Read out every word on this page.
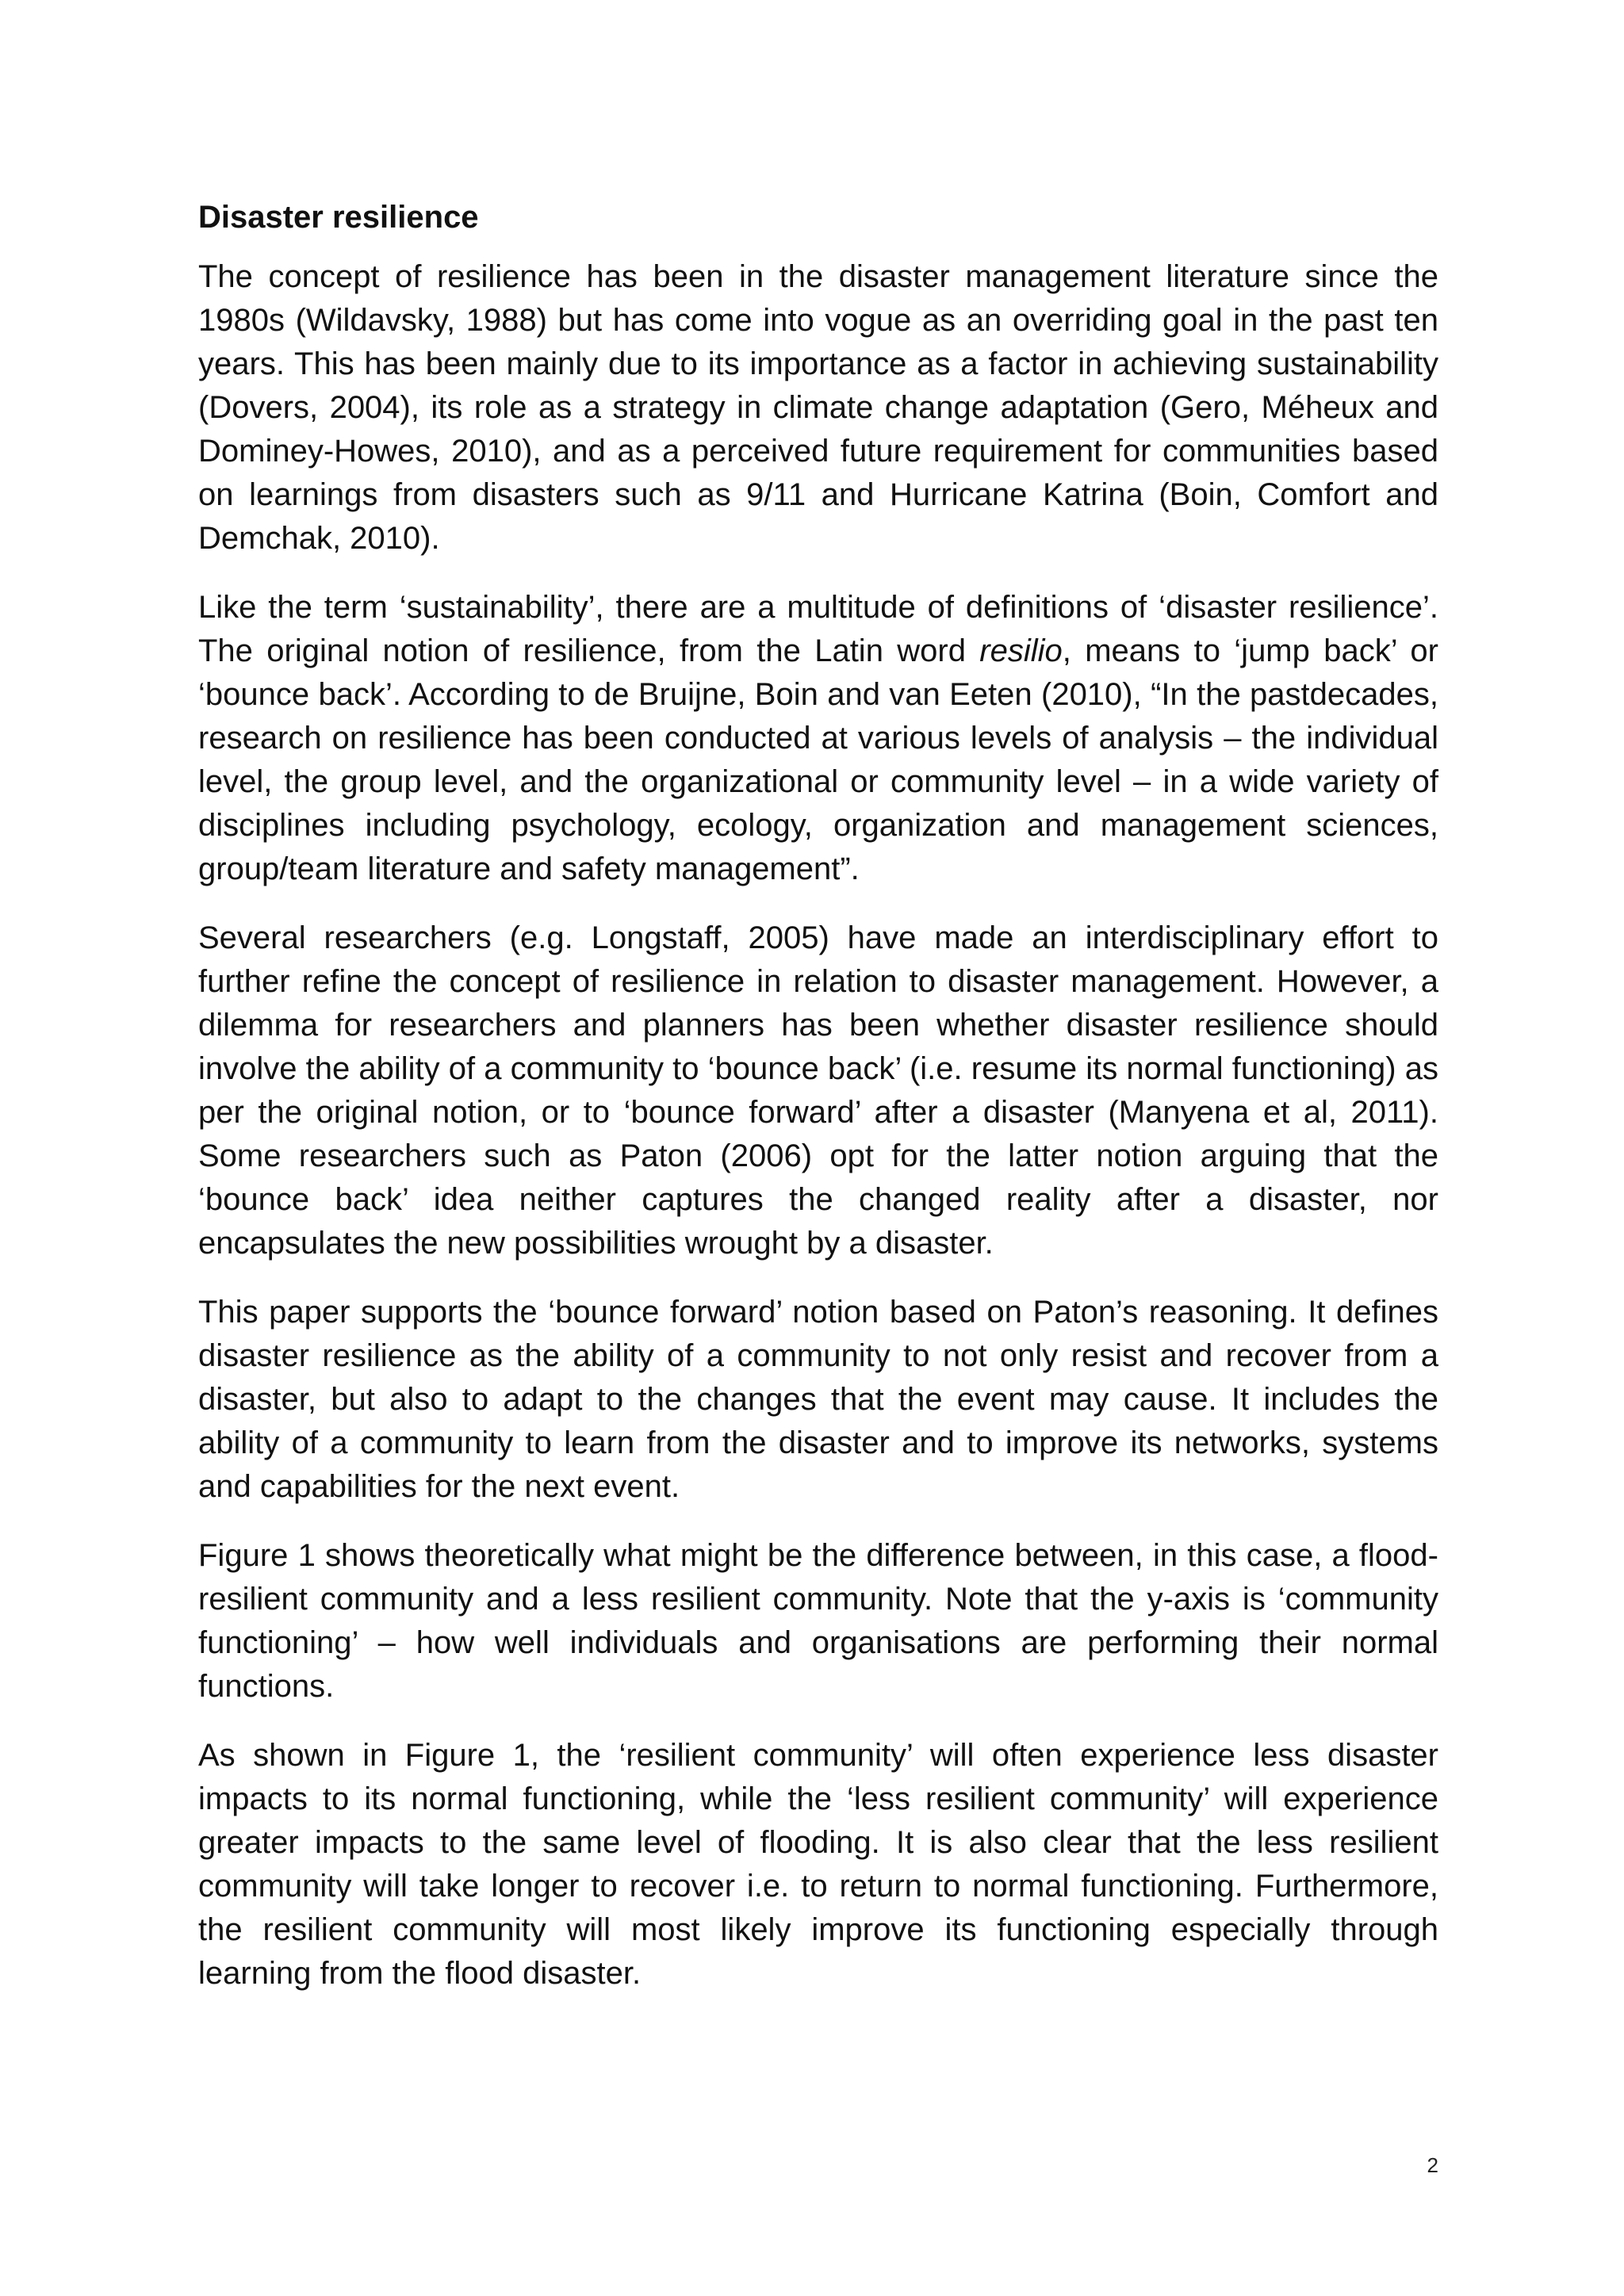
Disaster resilience

The concept of resilience has been in the disaster management literature since the 1980s (Wildavsky, 1988) but has come into vogue as an overriding goal in the past ten years. This has been mainly due to its importance as a factor in achieving sustainability (Dovers, 2004), its role as a strategy in climate change adaptation (Gero, Méheux and Dominey-Howes, 2010), and as a perceived future requirement for communities based on learnings from disasters such as 9/11 and Hurricane Katrina (Boin, Comfort and Demchak, 2010).

Like the term ‘sustainability’, there are a multitude of definitions of ‘disaster resilience’. The original notion of resilience, from the Latin word resilio, means to ‘jump back’ or ‘bounce back’. According to de Bruijne, Boin and van Eeten (2010), “In the pastdecades, research on resilience has been conducted at various levels of analysis – the individual level, the group level, and the organizational or community level – in a wide variety of disciplines including psychology, ecology, organization and management sciences, group/team literature and safety management”.

Several researchers (e.g. Longstaff, 2005) have made an interdisciplinary effort to further refine the concept of resilience in relation to disaster management. However, a dilemma for researchers and planners has been whether disaster resilience should involve the ability of a community to ‘bounce back’ (i.e. resume its normal functioning) as per the original notion, or to ‘bounce forward’ after a disaster (Manyena et al, 2011). Some researchers such as Paton (2006) opt for the latter notion arguing that the ‘bounce back’ idea neither captures the changed reality after a disaster, nor encapsulates the new possibilities wrought by a disaster.

This paper supports the ‘bounce forward’ notion based on Paton’s reasoning. It defines disaster resilience as the ability of a community to not only resist and recover from a disaster, but also to adapt to the changes that the event may cause. It includes the ability of a community to learn from the disaster and to improve its networks, systems and capabilities for the next event.

Figure 1 shows theoretically what might be the difference between, in this case, a flood-resilient community and a less resilient community. Note that the y-axis is ‘community functioning’ – how well individuals and organisations are performing their normal functions.

As shown in Figure 1, the ‘resilient community’ will often experience less disaster impacts to its normal functioning, while the ‘less resilient community’ will experience greater impacts to the same level of flooding. It is also clear that the less resilient community will take longer to recover i.e. to return to normal functioning. Furthermore, the resilient community will most likely improve its functioning especially through learning from the flood disaster.

2
